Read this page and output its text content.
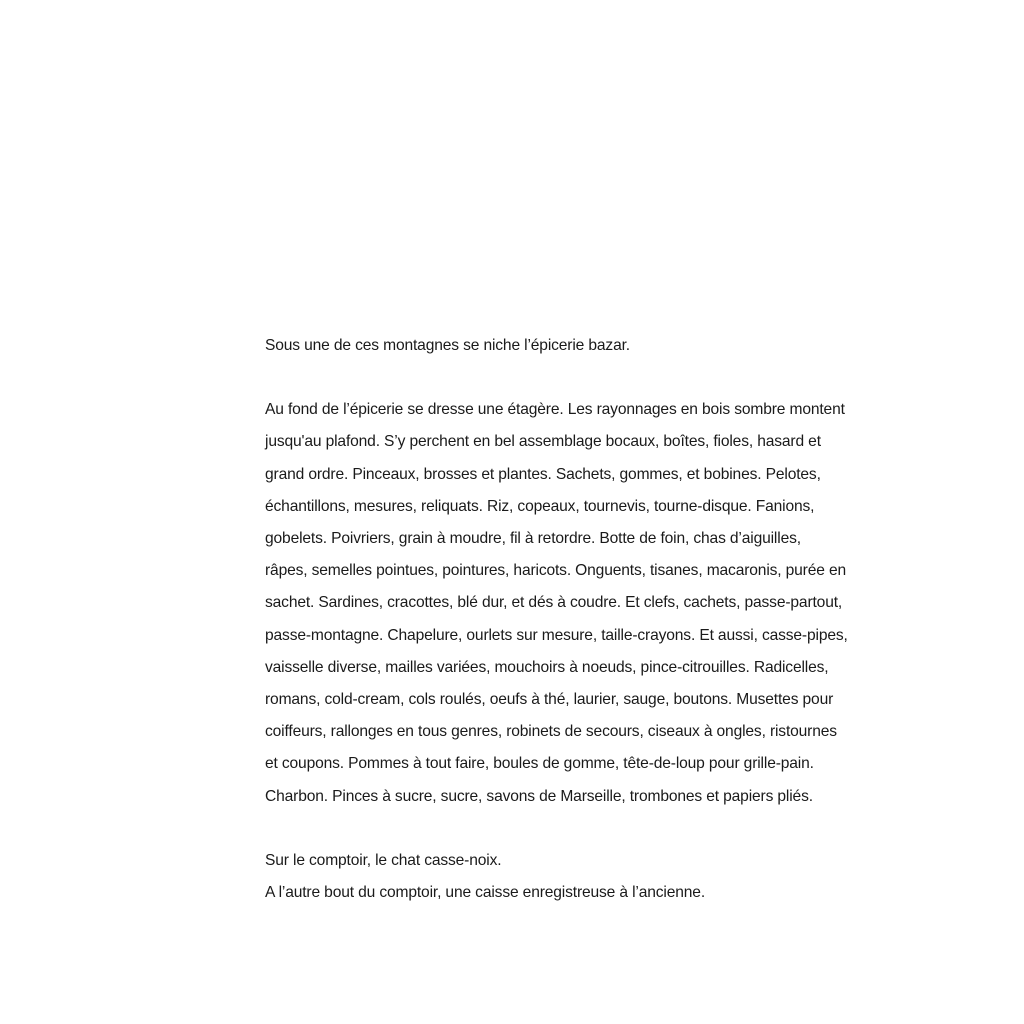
Sous une de ces montagnes se niche l’épicerie bazar.

Au fond de l’épicerie se dresse une étagère. Les rayonnages en bois sombre montent
jusqu'au plafond. S’y perchent en bel assemblage bocaux, boîtes, fioles, hasard et
grand ordre. Pinceaux, brosses et plantes. Sachets, gommes, et bobines. Pelotes,
échantillons, mesures, reliquats. Riz, copeaux, tournevis, tourne-disque. Fanions,
gobelets. Poivriers, grain à moudre, fil à retordre. Botte de foin, chas d’aiguilles,
râpes, semelles pointues, pointures, haricots. Onguents, tisanes, macaronis, purée en
sachet. Sardines, cracottes, blé dur, et dés à coudre. Et clefs, cachets, passe-partout,
passe-montagne. Chapelure, ourlets sur mesure, taille-crayons. Et aussi, casse-pipes,
vaisselle diverse, mailles variées, mouchoirs à noeuds, pince-citrouilles. Radicelles,
romans, cold-cream, cols roulés, oeufs à thé, laurier, sauge, boutons. Musettes pour
coiffeurs, rallonges en tous genres, robinets de secours, ciseaux à ongles, ristournes
et coupons. Pommes à tout faire, boules de gomme, tête-de-loup pour grille-pain.
Charbon. Pinces à sucre, sucre, savons de Marseille, trombones et papiers pliés.

Sur le comptoir, le chat casse-noix.
A l’autre bout du comptoir, une caisse enregistreuse à l’ancienne.
